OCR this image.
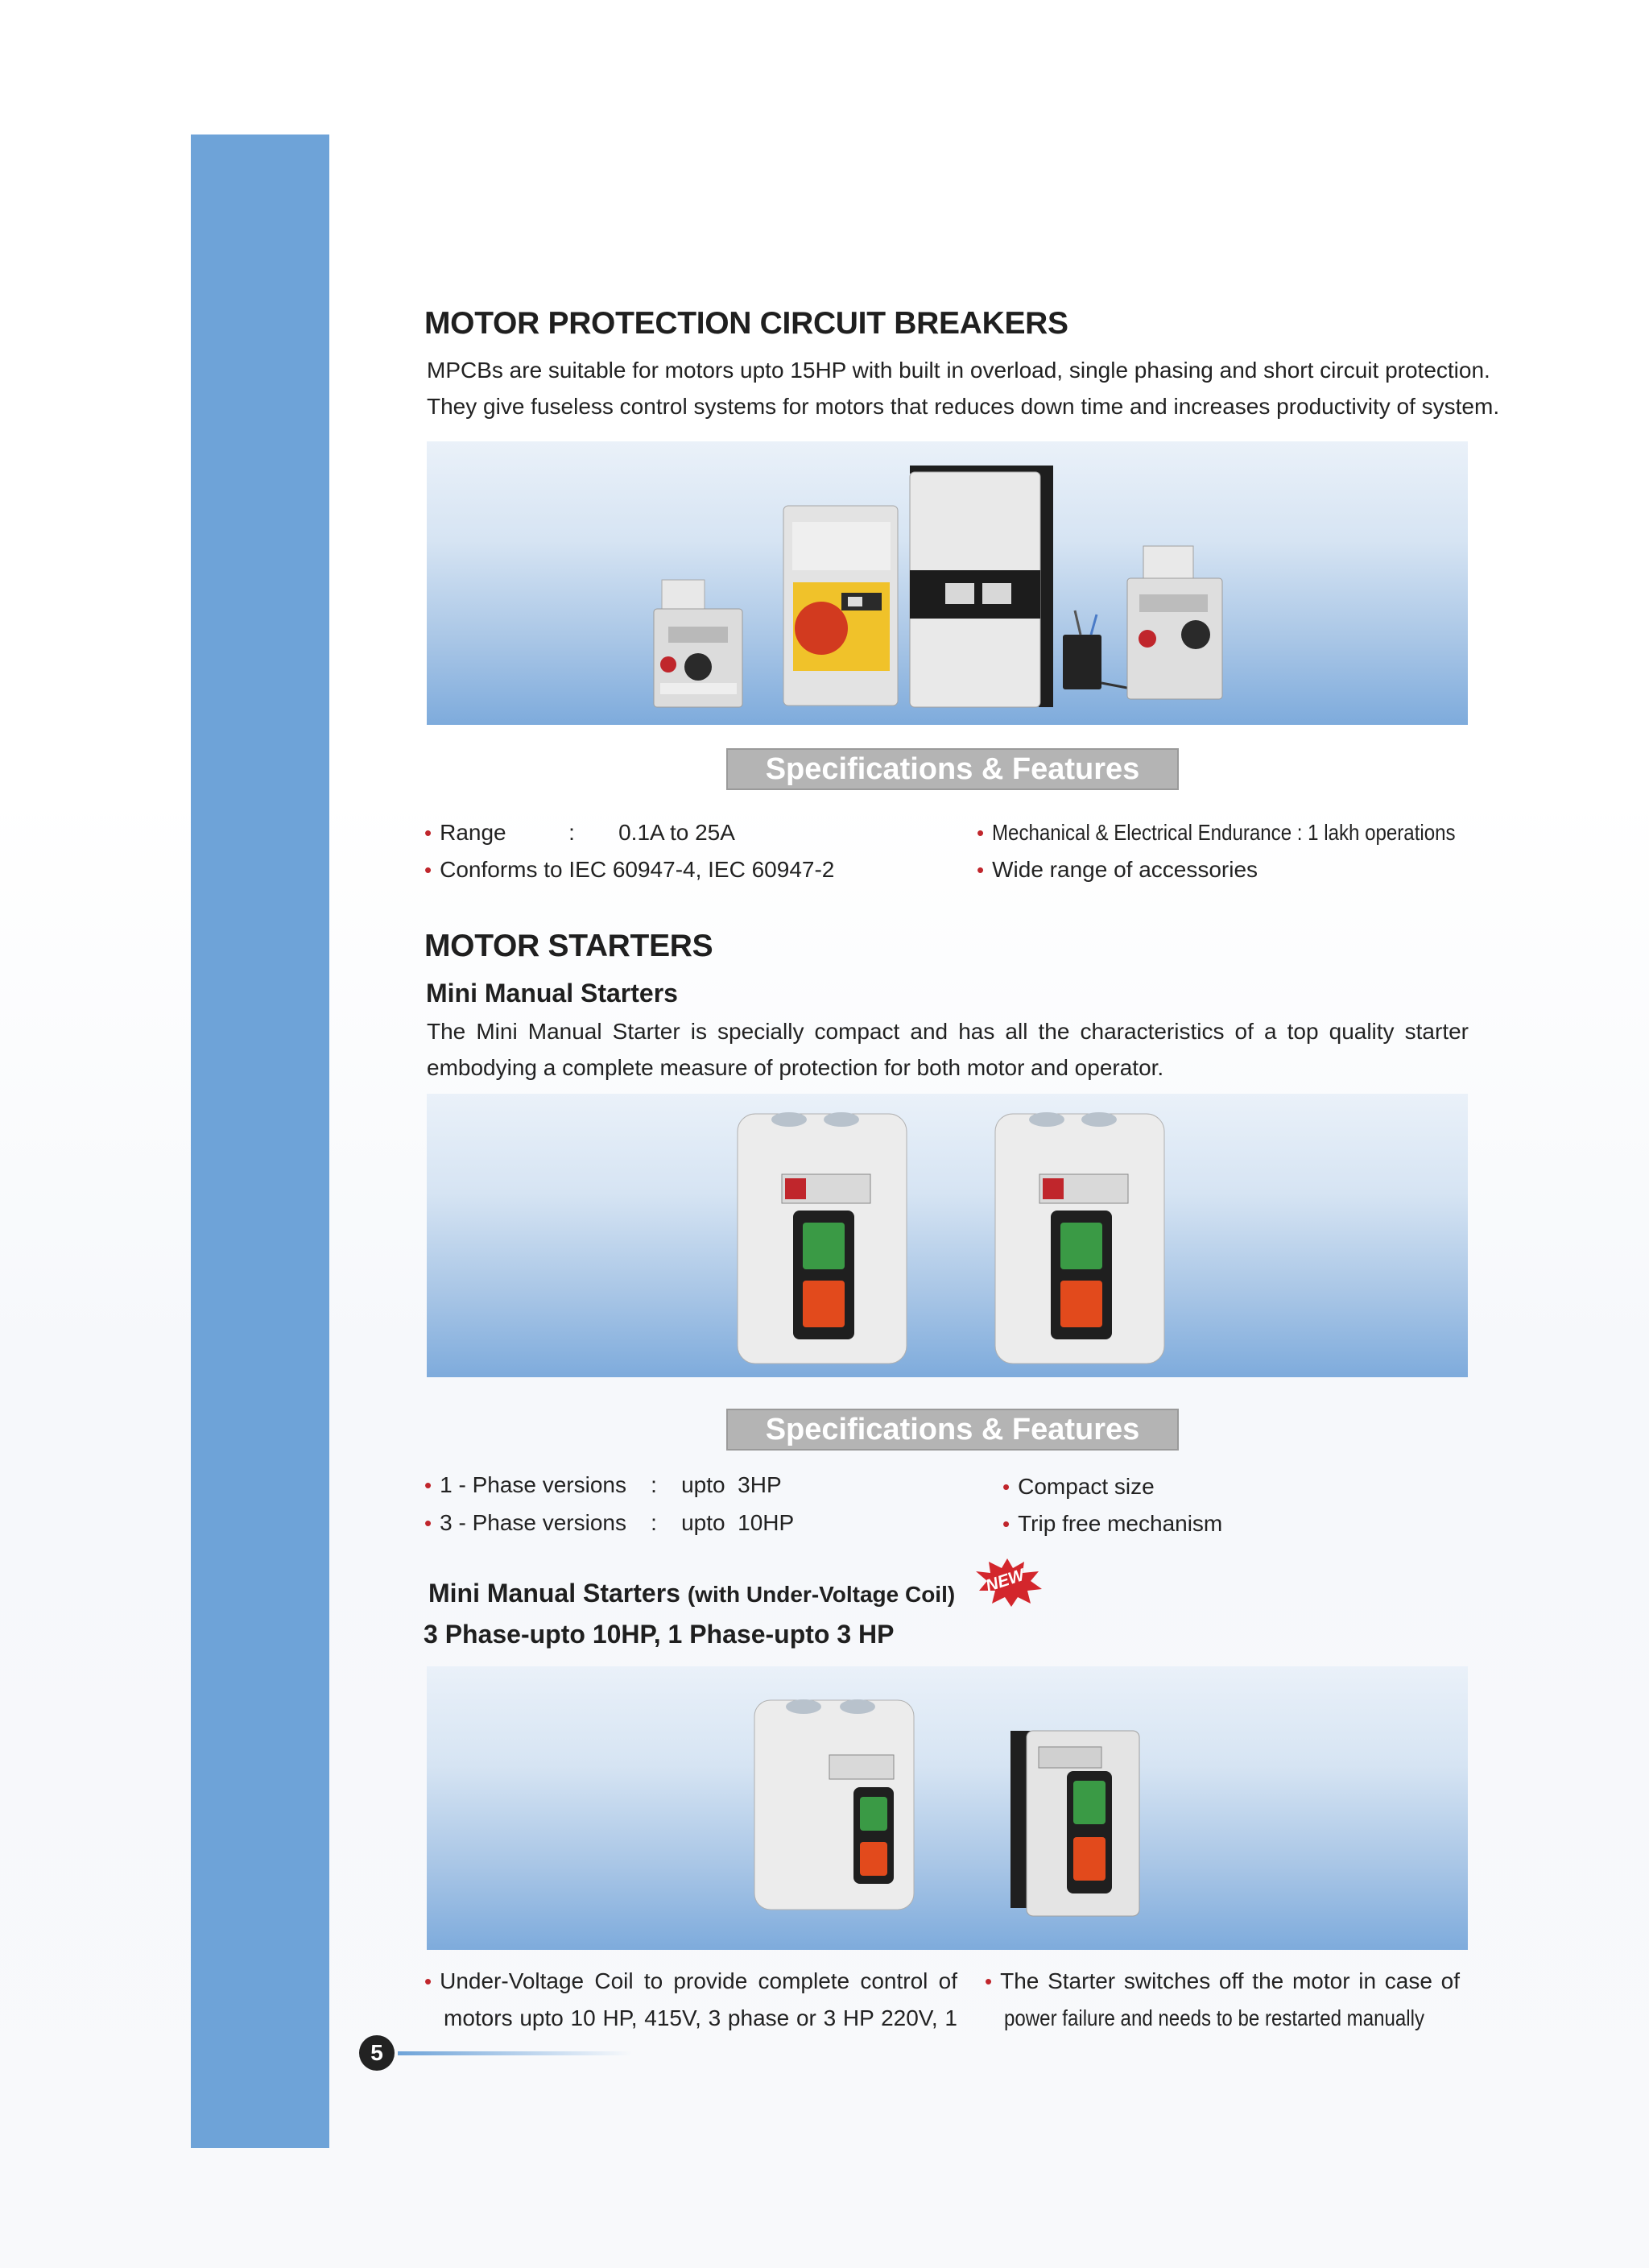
MOTOR PROTECTION CIRCUIT BREAKERS
MPCBs are suitable for motors upto 15HP with built in overload, single phasing and short circuit protection.
They give fuseless control systems for motors that reduces down time and increases productivity of system.
Specifications & Features
• Range	: 0.1A to 25A
• Conforms to IEC 60947-4, IEC 60947-2
• Mechanical & Electrical Endurance : 1 lakh operations
• Wide range of accessories
MOTOR STARTERS
Mini Manual Starters
The Mini Manual Starter is specially compact and has all the characteristics of a top quality starter
embodying a complete measure of protection for both motor and operator.
Specifications & Features
• 1 - Phase versions : upto  3HP
• 3 - Phase versions : upto  10HP
• Compact size
• Trip free mechanism
Mini Manual Starters (with Under-Voltage Coil) NEW
3 Phase-upto 10HP, 1 Phase-upto 3 HP
• Under-Voltage Coil to provide complete control of
motors upto 10 HP, 415V, 3 phase or 3 HP 220V, 1
• The Starter switches off the motor in case of
power failure and needs to be restarted manually
5
